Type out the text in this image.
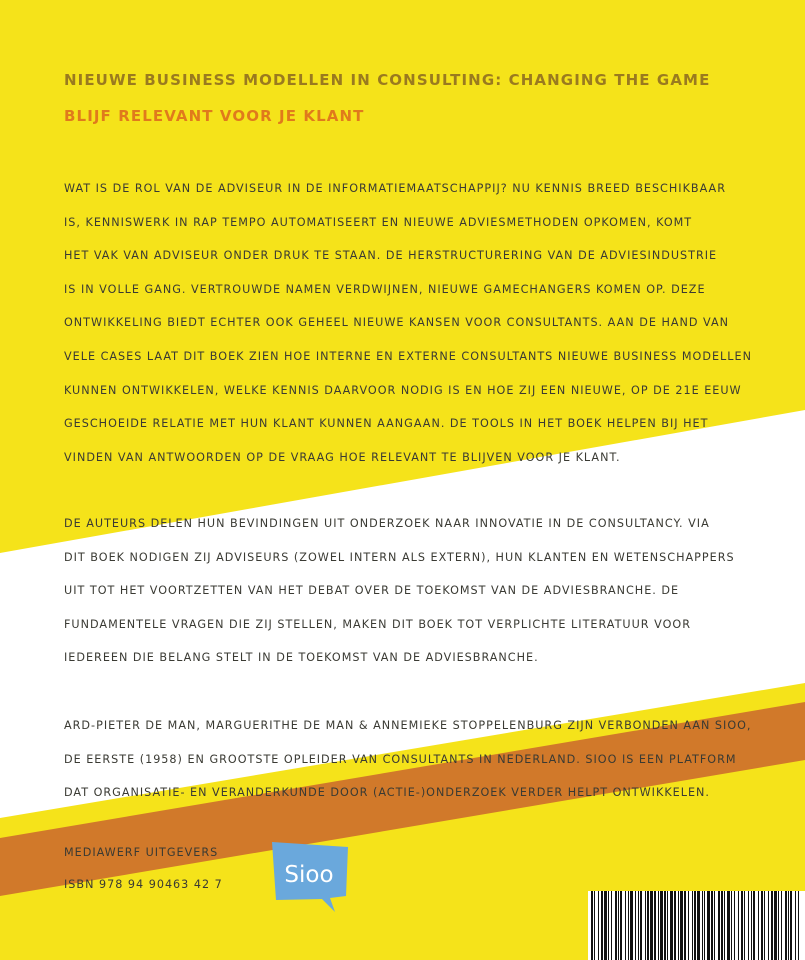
NIEUWE BUSINESS MODELLEN IN CONSULTING: CHANGING THE GAME
BLIJF RELEVANT VOOR JE KLANT
WAT IS DE ROL VAN DE ADVISEUR IN DE INFORMATIEMAATSCHAPPIJ? NU KENNIS BREED BESCHIKBAAR
IS, KENNISWERK IN RAP TEMPO AUTOMATISEERT EN NIEUWE ADVIESMETHODEN OPKOMEN, KOMT
HET VAK VAN ADVISEUR ONDER DRUK TE STAAN. DE HERSTRUCTURERING VAN DE ADVIESINDUSTRIE
IS IN VOLLE GANG. VERTROUWDE NAMEN VERDWIJNEN, NIEUWE GAMECHANGERS KOMEN OP. DEZE
ONTWIKKELING BIEDT ECHTER OOK GEHEEL NIEUWE KANSEN VOOR CONSULTANTS. AAN DE HAND VAN
VELE CASES LAAT DIT BOEK ZIEN HOE INTERNE EN EXTERNE CONSULTANTS NIEUWE BUSINESS MODELLEN
KUNNEN ONTWIKKELEN, WELKE KENNIS DAARVOOR NODIG IS EN HOE ZIJ EEN NIEUWE, OP DE 21E EEUW
GESCHOEIDE RELATIE MET HUN KLANT KUNNEN AANGAAN. DE TOOLS IN HET BOEK HELPEN BIJ HET
VINDEN VAN ANTWOORDEN OP DE VRAAG HOE RELEVANT TE BLIJVEN VOOR JE KLANT.
DE AUTEURS DELEN HUN BEVINDINGEN UIT ONDERZOEK NAAR INNOVATIE IN DE CONSULTANCY. VIA
DIT BOEK NODIGEN ZIJ ADVISEURS (ZOWEL INTERN ALS EXTERN), HUN KLANTEN EN WETENSCHAPPERS
UIT TOT HET VOORTZETTEN VAN HET DEBAT OVER DE TOEKOMST VAN DE ADVIESBRANCHE. DE
FUNDAMENTELE VRAGEN DIE ZIJ STELLEN, MAKEN DIT BOEK TOT VERPLICHTE LITERATUUR VOOR
IEDEREEN DIE BELANG STELT IN DE TOEKOMST VAN DE ADVIESBRANCHE.
ARD-PIETER DE MAN, MARGUERITHE DE MAN & ANNEMIEKE STOPPELENBURG ZIJN VERBONDEN AAN SIOO,
DE EERSTE (1958) EN GROOTSTE OPLEIDER VAN CONSULTANTS IN NEDERLAND. SIOO IS EEN PLATFORM
DAT ORGANISATIE- EN VERANDERKUNDE DOOR (ACTIE-)ONDERZOEK VERDER HELPT ONTWIKKELEN.

MEDIAWERF UITGEVERS

ISBN 978 94 90463 42 7	Sioo
